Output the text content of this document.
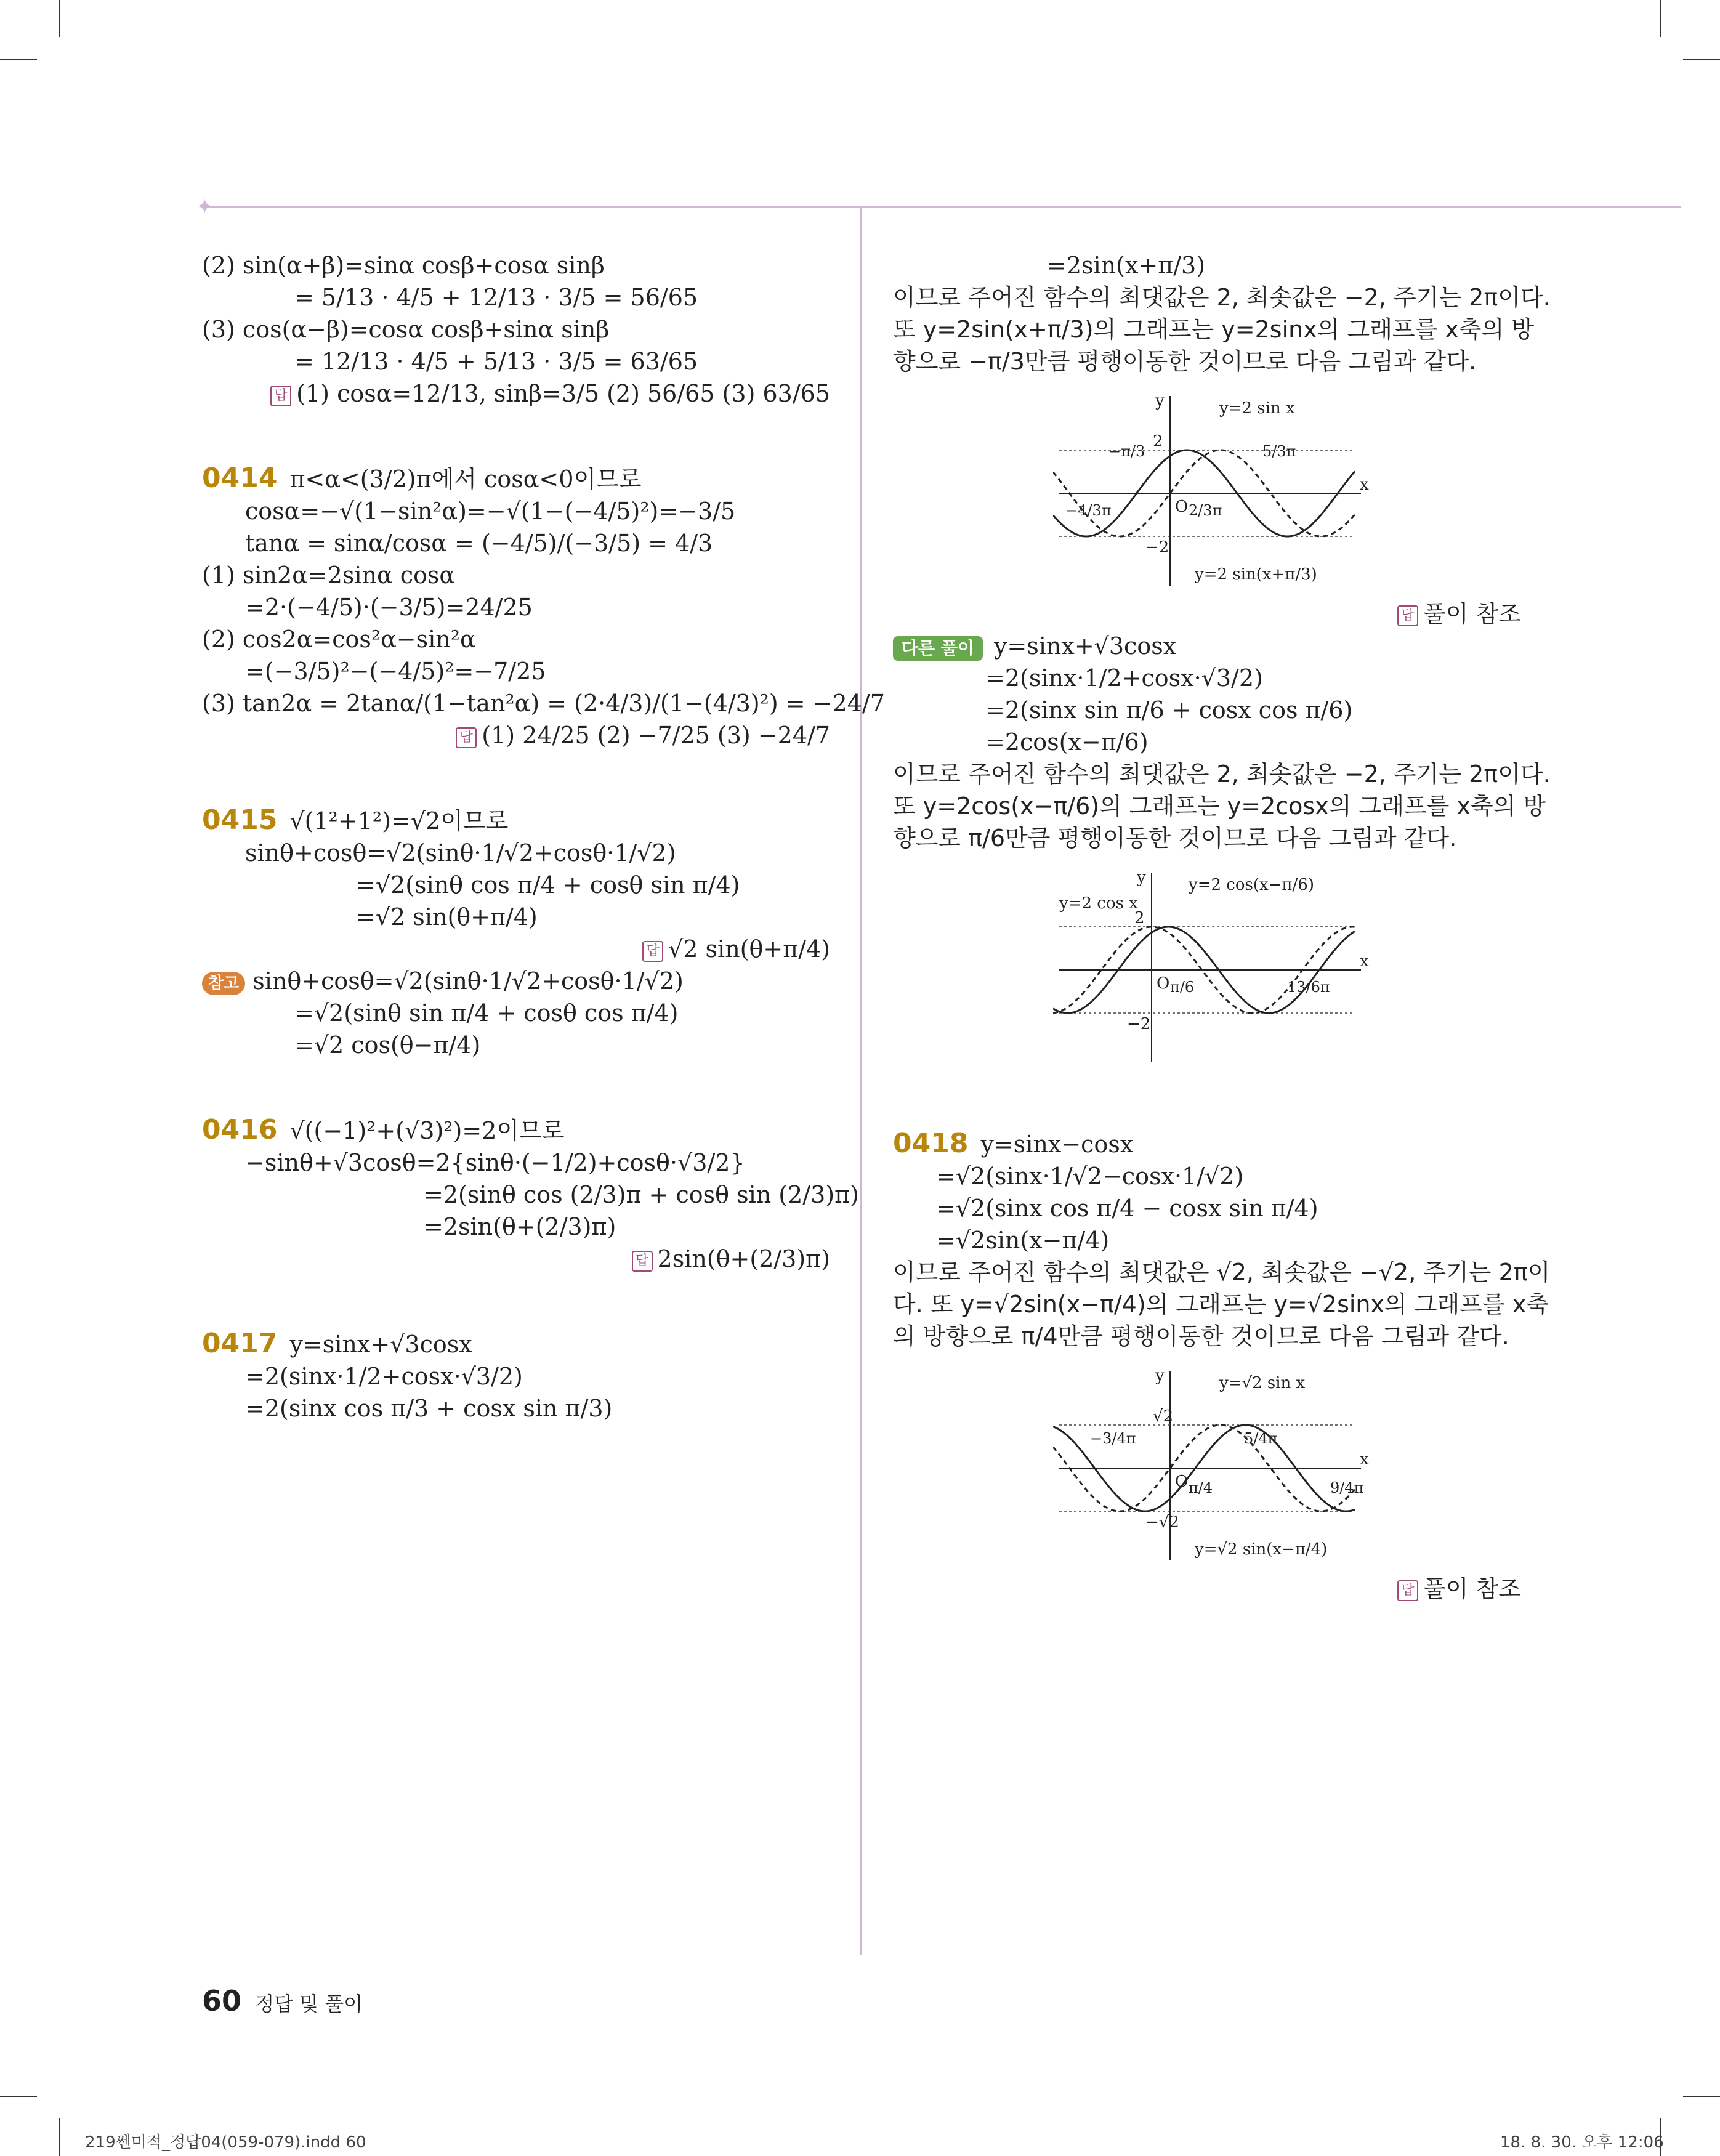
✦
(2) sin(α+β)=sinα cosβ+cosα sinβ
= 5/13 · 4/5 + 12/13 · 3/5 = 56/65
(3) cos(α−β)=cosα cosβ+sinα sinβ
= 12/13 · 4/5 + 5/13 · 3/5 = 63/65
답 (1) cosα=12/13, sinβ=3/5 (2) 56/65 (3) 63/65
0414 π<α<(3/2)π에서 cosα<0이므로
cosα=−√(1−sin²α)=−√(1−(−4/5)²)=−3/5
tanα = sinα/cosα = (−4/5)/(−3/5) = 4/3
(1) sin2α=2sinα cosα
=2·(−4/5)·(−3/5)=24/25
(2) cos2α=cos²α−sin²α
=(−3/5)²−(−4/5)²=−7/25
(3) tan2α = 2tanα/(1−tan²α) = (2·4/3)/(1−(4/3)²) = −24/7
답 (1) 24/25 (2) −7/25 (3) −24/7
0415 √(1²+1²)=√2이므로
sinθ+cosθ=√2(sinθ·1/√2+cosθ·1/√2)
=√2(sinθ cos π/4 + cosθ sin π/4)
=√2 sin(θ+π/4)
답 √2 sin(θ+π/4)
참고 sinθ+cosθ=√2(sinθ·1/√2+cosθ·1/√2)
=√2(sinθ sin π/4 + cosθ cos π/4)
=√2 cos(θ−π/4)
0416 √((−1)²+(√3)²)=2이므로
−sinθ+√3cosθ=2{sinθ·(−1/2)+cosθ·√3/2}
=2(sinθ cos (2/3)π + cosθ sin (2/3)π)
=2sin(θ+(2/3)π)
답 2sin(θ+(2/3)π)
0417 y=sinx+√3cosx
=2(sinx·1/2+cosx·√3/2)
=2(sinx cos π/3 + cosx sin π/3)
=2sin(x+π/3)
이므로 주어진 함수의 최댓값은 2, 최솟값은 −2, 주기는 2π이다.
또 y=2sin(x+π/3)의 그래프는 y=2sinx의 그래프를 x축의 방
향으로 −π/3만큼 평행이동한 것이므로 다음 그림과 같다.
2
−2
O
x
y	y=2 sin x
y=2 sin(x+π/3)
−π/3	5/3π
−4/3π	2/3π
답 풀이 참조
다른 풀이 y=sinx+√3cosx
=2(sinx·1/2+cosx·√3/2)
=2(sinx sin π/6 + cosx cos π/6)
=2cos(x−π/6)
이므로 주어진 함수의 최댓값은 2, 최솟값은 −2, 주기는 2π이다.
또 y=2cos(x−π/6)의 그래프는 y=2cosx의 그래프를 x축의 방
향으로 π/6만큼 평행이동한 것이므로 다음 그림과 같다.
2
−2
O
x
y	y=2 cos(x−π/6)
y=2 cos x
π/6	13/6π
0418 y=sinx−cosx
=√2(sinx·1/√2−cosx·1/√2)
=√2(sinx cos π/4 − cosx sin π/4)
=√2sin(x−π/4)
이므로 주어진 함수의 최댓값은 √2, 최솟값은 −√2, 주기는 2π이
다. 또 y=√2sin(x−π/4)의 그래프는 y=√2sinx의 그래프를 x축
의 방향으로 π/4만큼 평행이동한 것이므로 다음 그림과 같다.
√2
−√2
O
x
y	y=√2 sin x
y=√2 sin(x−π/4)
−3/4π	5/4π
π/4	9/4π
답 풀이 참조
60 정답 및 풀이
219쎈미적_정답04(059-079).indd 60	18. 8. 30. 오후 12:06
